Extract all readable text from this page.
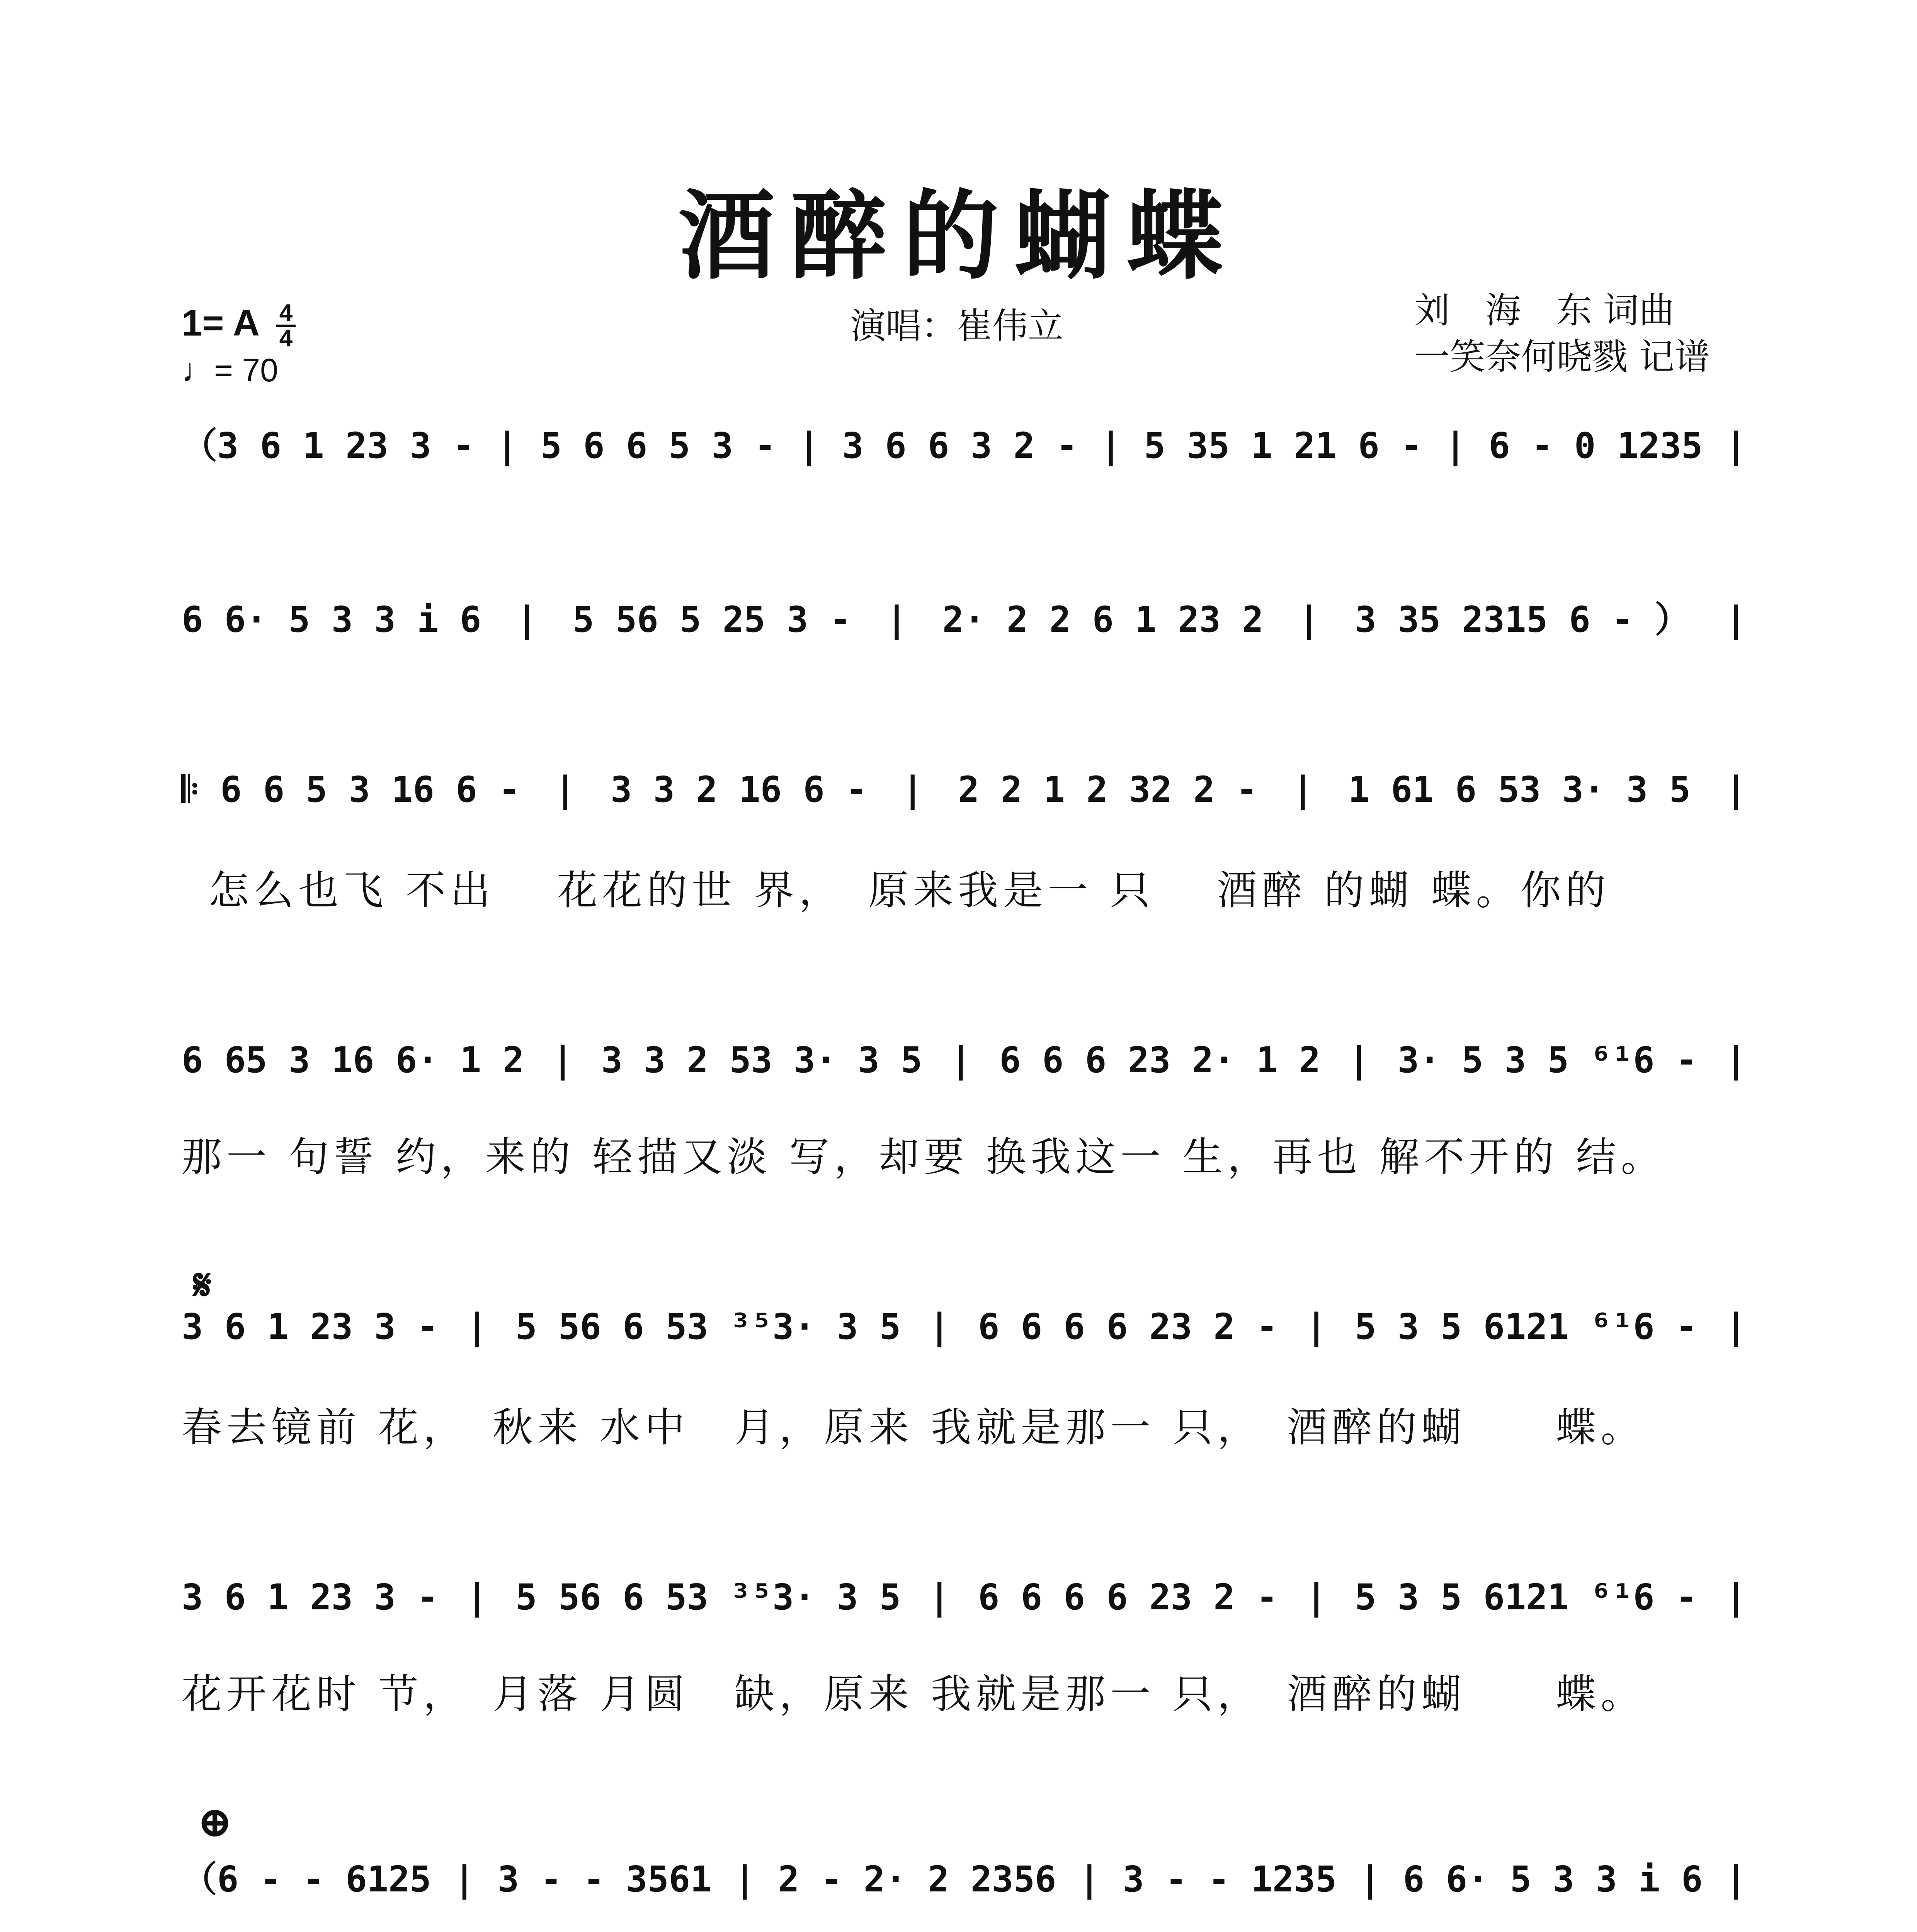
酒醉的蝴蝶
1= A 4
4
♩= 70
演唱：崔伟立	刘　海　东 词曲
一笑奈何晓戮 记谱
（3 6 1 23 3 - | 5 6 6 5 3 - | 3 6 6 3 2 - | 5 35 1 21 6 - | 6 - 0 1235 |
6 6· 5 3 3 i 6 | 5 56 5 25 3 - | 2· 2 2 6 1 23 2 | 3 35 2315 6 - ） |
𝄆 6 6 5 3 16 6 - | 3 3 2 16 6 - | 2 2 1 2 32 2 - | 1 61 6 53 3· 3 5 |
怎么也飞 不出　 花花的世 界，　原来我是一 只　 酒醉 的蝴 蝶。你的
6 65 3 16 6· 1 2 | 3 3 2 53 3· 3 5 | 6 6 6 23 2· 1 2 | 3· 5 3 5 ⁶¹6 - |
那一 句誓 约，来的 轻描又淡 写，却要 换我这一 生，再也 解不开的 结。
𝄋
3 6 1 23 3 - | 5 56 6 53 ³⁵3· 3 5 | 6 6 6 6 23 2 - | 5 3 5 6121 ⁶¹6 - |
春去镜前 花，　秋来 水中　月，原来 我就是那一 只，　酒醉的蝴　　蝶。
3 6 1 23 3 - | 5 56 6 53 ³⁵3· 3 5 | 6 6 6 6 23 2 - | 5 3 5 6121 ⁶¹6 - |
花开花时 节，　月落 月圆　缺，原来 我就是那一 只，　酒醉的蝴　　蝶。
⊕
（6 - - 6125 | 3 - - 3561 | 2 - 2· 2 2356 | 3 - - 1235 | 6 6· 5 3 3 i 6 |
